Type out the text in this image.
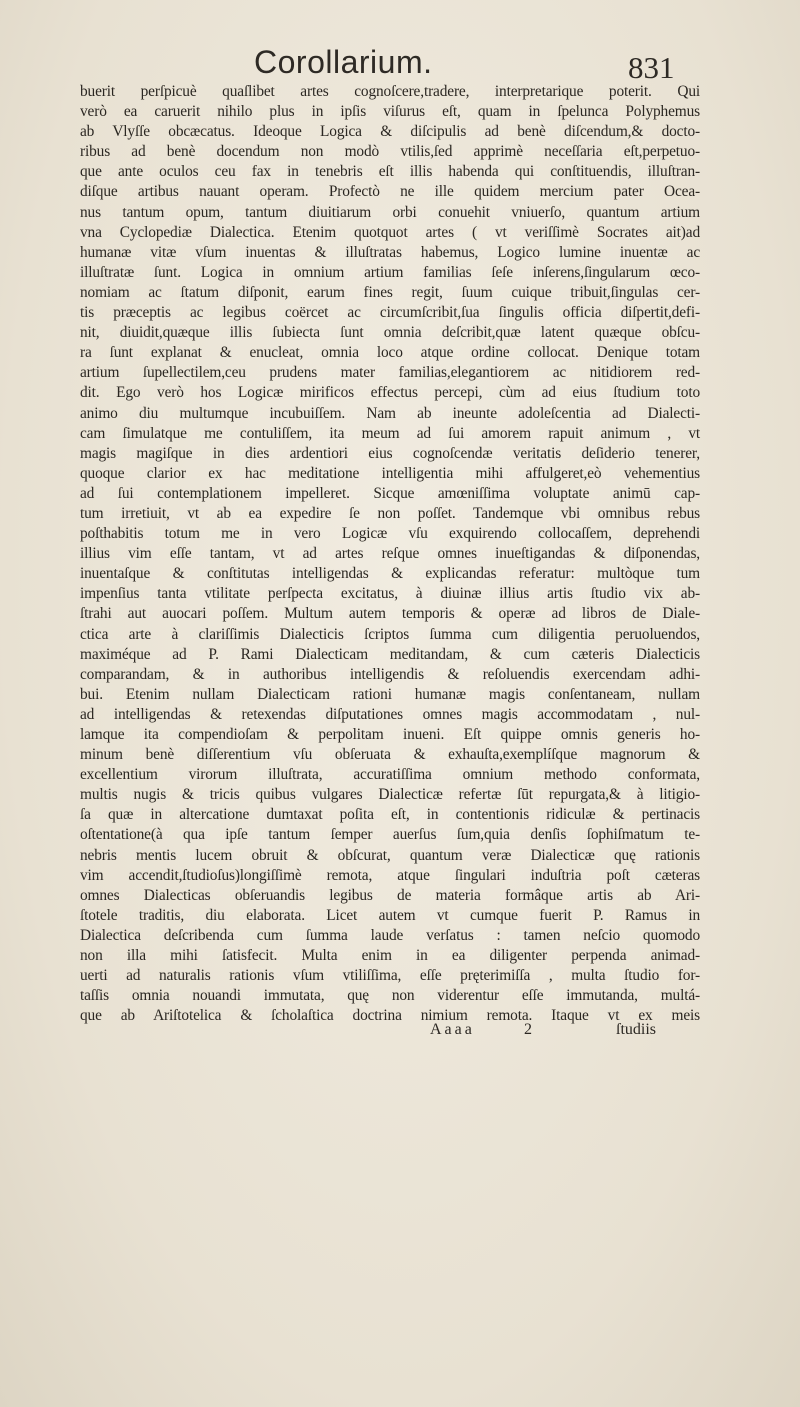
Corollarium.	831
buerit perſpicuè quaſlibet artes cognoſcere,tradere, interpretarique poterit. Qui
verò ea caruerit nihilo plus in ipſis viſurus eſt, quam in ſpelunca Polyphemus
ab Vlyſſe obcæcatus. Ideoque Logica & diſcipulis ad benè diſcendum,& docto-
ribus ad benè docendum non modò vtilis,ſed apprimè neceſſaria eſt,perpetuo-
que ante oculos ceu fax in tenebris eſt illis habenda qui conſtituendis, illuſtran-
diſque artibus nauant operam. Profectò ne ille quidem mercium pater Ocea-
nus tantum opum, tantum diuitiarum orbi conuehit vniuerſo, quantum artium
vna Cyclopediæ Dialectica. Etenim quotquot artes ( vt veriſſimè Socrates ait)ad
humanæ vitæ vſum inuentas & illuſtratas habemus, Logico lumine inuentæ ac
illuſtratæ ſunt. Logica in omnium artium familias ſeſe inſerens,ſingularum œco-
nomiam ac ſtatum diſponit, earum fines regit, ſuum cuique tribuit,ſingulas cer-
tis præceptis ac legibus coërcet ac circumſcribit,ſua ſingulis officia diſpertit,defi-
nit, diuidit,quæque illis ſubiecta ſunt omnia deſcribit,quæ latent quæque obſcu-
ra ſunt explanat & enucleat, omnia loco atque ordine collocat. Denique totam
artium ſupellectilem,ceu prudens mater familias,elegantiorem ac nitidiorem red-
dit. Ego verò hos Logicæ mirificos effectus percepi, cùm ad eius ſtudium toto
animo diu multumque incubuiſſem. Nam ab ineunte adoleſcentia ad Dialecti-
cam ſimulatque me contuliſſem, ita meum ad ſui amorem rapuit animum , vt
magis magiſque in dies ardentiori eius cognoſcendæ veritatis deſiderio tenerer,
quoque clarior ex hac meditatione intelligentia mihi affulgeret,eò vehementius
ad ſui contemplationem impelleret. Sicque amœniſſima voluptate animū cap-
tum irretiuit, vt ab ea expedire ſe non poſſet. Tandemque vbi omnibus rebus
poſthabitis totum me in vero Logicæ vſu exquirendo collocaſſem, deprehendi
illius vim eſſe tantam, vt ad artes reſque omnes inueſtigandas & diſponendas,
inuentaſque & conſtitutas intelligendas & explicandas referatur: multòque tum
impenſius tanta vtilitate perſpecta excitatus, à diuinæ illius artis ſtudio vix ab-
ſtrahi aut auocari poſſem. Multum autem temporis & operæ ad libros de Diale-
ctica arte à clariſſimis Dialecticis ſcriptos ſumma cum diligentia peruoluendos,
maximéque ad P. Rami Dialecticam meditandam, & cum cæteris Dialecticis
comparandam, & in authoribus intelligendis & reſoluendis exercendam adhi-
bui. Etenim nullam Dialecticam rationi humanæ magis conſentaneam, nullam
ad intelligendas & retexendas diſputationes omnes magis accommodatam , nul-
lamque ita compendioſam & perpolitam inueni. Eſt quippe omnis generis ho-
minum benè diſſerentium vſu obſeruata & exhauſta,exemplíſque magnorum &
excellentium virorum illuſtrata, accuratiſſima omnium methodo conformata,
multis nugis & tricis quibus vulgares Dialecticæ refertæ ſūt repurgata,& à litigio-
ſa quæ in altercatione dumtaxat poſita eſt, in contentionis ridiculæ & pertinacis
oſtentatione(à qua ipſe tantum ſemper auerſus ſum,quia denſis ſophiſmatum te-
nebris mentis lucem obruit & obſcurat, quantum veræ Dialecticæ quę rationis
vim accendit,ſtudioſus)longiſſimè remota, atque ſingulari induſtria poſt cæteras
omnes Dialecticas obſeruandis legibus de materia formâque artis ab Ari-
ſtotele traditis, diu elaborata. Licet autem vt cumque fuerit P. Ramus in
Dialectica deſcribenda cum ſumma laude verſatus : tamen neſcio quomodo
non illa mihi ſatisfecit. Multa enim in ea diligenter perpenda animad-
uerti ad naturalis rationis vſum vtiliſſima, eſſe pręterimiſſa , multa ſtudio for-
taſſis omnia nouandi immutata, quę non viderentur eſſe immutanda, multá-
que ab Ariſtotelica & ſcholaſtica doctrina nimium remota. Itaque vt ex meis
Aaaa	2	ſtudiis
